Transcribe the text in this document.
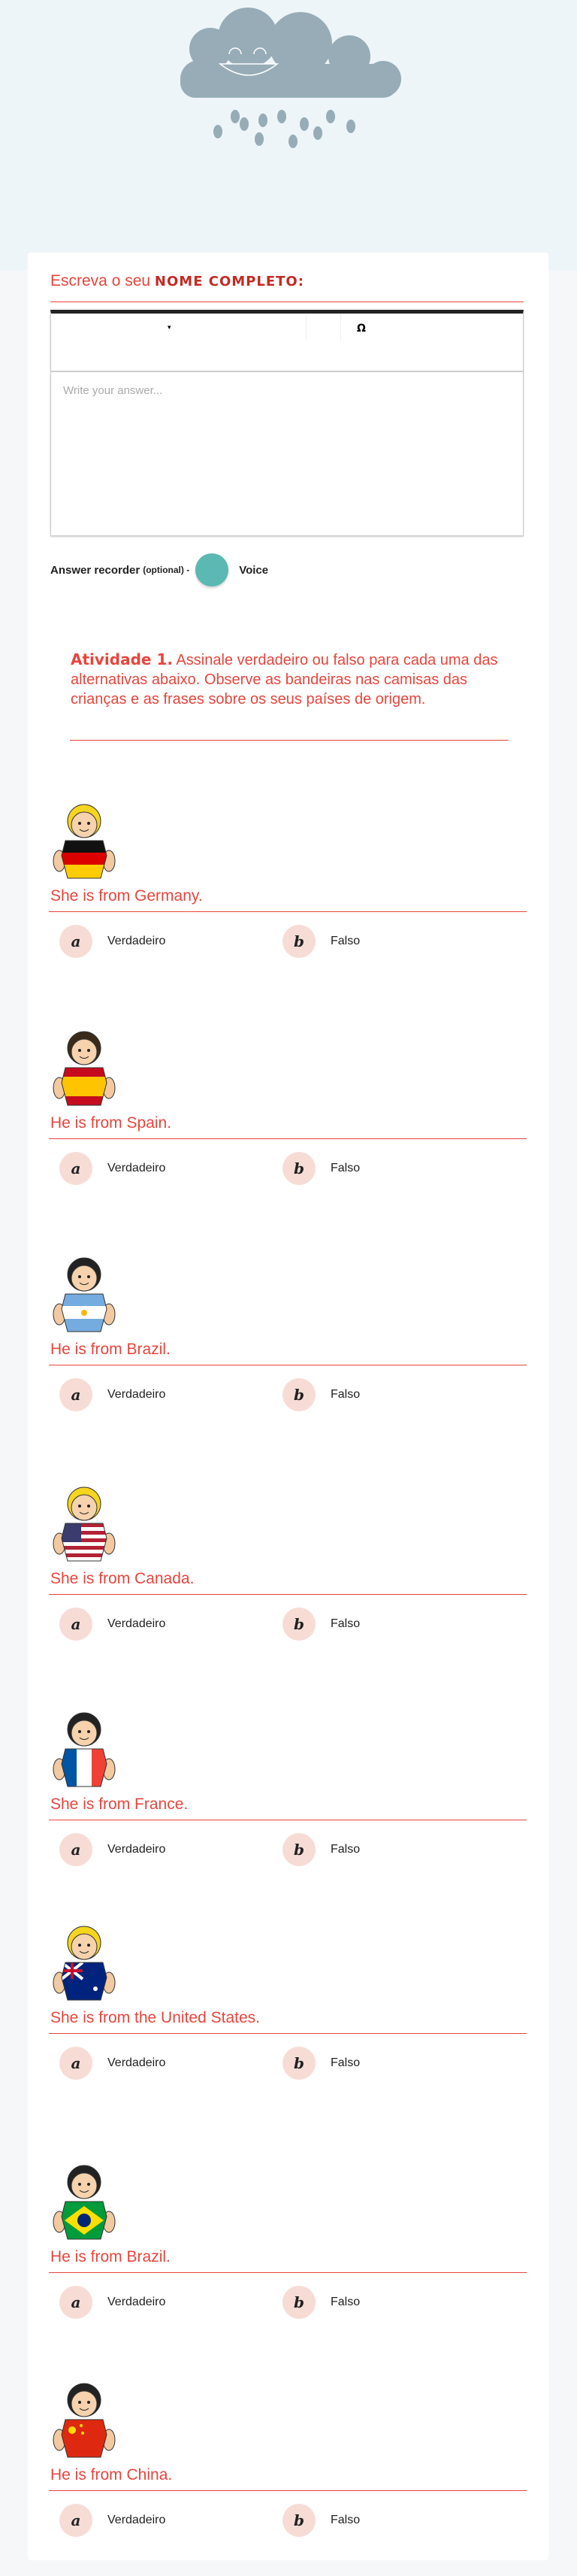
Escreva o seu NOME COMPLETO:
▾	Ω
Write your answer...
Answer recorder (optional) -	Voice
Atividade 1. Assinale verdadeiro ou falso para cada uma das alternativas abaixo. Observe as bandeiras nas camisas das crianças e as frases sobre os seus países de origem.
She is from Germany.
a	Verdadeiro	b	Falso
He is from Spain.
a	Verdadeiro	b	Falso
He is from Brazil.
a	Verdadeiro	b	Falso
She is from Canada.
a	Verdadeiro	b	Falso
She is from France.
a	Verdadeiro	b	Falso
She is from the United States.
a	Verdadeiro	b	Falso
He is from Brazil.
a	Verdadeiro	b	Falso
He is from China.
a	Verdadeiro	b	Falso
